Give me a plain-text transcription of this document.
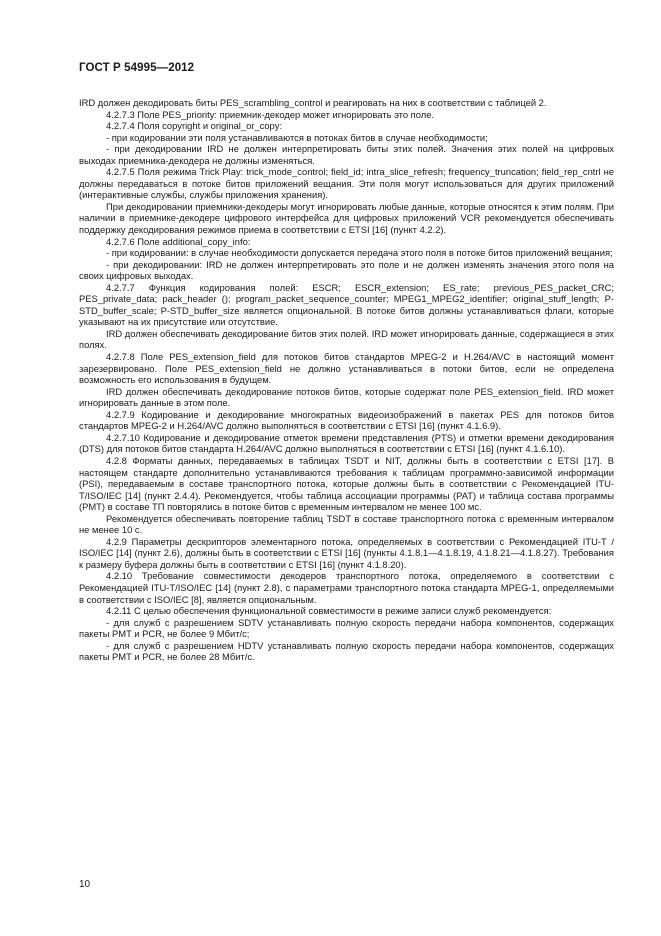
ГОСТ Р 54995—2012

IRD должен декодировать биты PES_scrambling_control и реагировать на них в соответствии с таблицей 2.

4.2.7.3 Поле PES_priority: приемник-декодер может игнорировать это поле.

4.2.7.4 Поля copyright и original_or_copy:

- при кодировании эти поля устанавливаются в потоках битов в случае необходимости;

- при декодировании IRD не должен интерпретировать биты этих полей. Значения этих полей на цифровых выходах приемника-декодера не должны изменяться.

4.2.7.5 Поля режима Trick Play: trick_mode_control; field_id; intra_slice_refresh; frequency_truncation; field_rep_cntrl не должны передаваться в потоке битов приложений вещания. Эти поля могут использоваться для других приложений (интерактивные службы, службы приложения хранения).

При декодировании приемники-декодеры могут игнорировать любые данные, которые относятся к этим полям. При наличии в приемнике-декодере цифрового интерфейса для цифровых приложений VCR рекомендуется обеспечивать поддержку декодирования режимов приема в соответствии с ETSI [16] (пункт 4.2.2).

4.2.7.6 Поле additional_copy_info:

- при кодировании: в случае необходимости допускается передача этого поля в потоке битов приложений вещания;

- при декодировании: IRD не должен интерпретировать это поле и не должен изменять значения этого поля на своих цифровых выходах.

4.2.7.7 Функция кодирования полей: ESCR; ESCR_extension; ES_rate; previous_PES_packet_CRC; PES_private_data; pack_header (); program_packet_sequence_counter; MPEG1_MPEG2_identifier; original_stuff_length; P-STD_buffer_scale; P-STD_buffer_size является опциональной. В потоке битов должны устанавливаться флаги, которые указывают на их присутствие или отсутствие.

IRD должен обеспечивать декодирование битов этих полей. IRD может игнорировать данные, содержащиеся в этих полях.

4.2.7.8 Поле PES_extension_field для потоков битов стандартов MPEG-2 и H.264/AVC в настоящий момент зарезервировано. Поле PES_extension_field не должно устанавливаться в потоки битов, если не определена возможность его использования в будущем.

IRD должен обеспечивать декодирование потоков битов, которые содержат поле PES_extension_field. IRD может игнорировать данные в этом поле.

4.2.7.9 Кодирование и декодирование многократных видеоизображений в пакетах PES для потоков битов стандартов MPEG-2 и H.264/AVC должно выполняться в соответствии с ETSI [16] (пункт 4.1.6.9).

4.2.7.10 Кодирование и декодирование отметок времени представления (PTS) и отметки времени декодирования (DTS) для потоков битов стандарта H.264/AVC должно выполняться в соответствии с ETSI [16] (пункт 4.1.6.10).

4.2.8 Форматы данных, передаваемых в таблицах TSDT и NIT, должны быть в соответствии с ETSI [17]. В настоящем стандарте дополнительно устанавливаются требования к таблицам программно-зависимой информации (PSI), передаваемым в составе транспортного потока, которые должны быть в соответствии с Рекомендацией ITU-T/ISO/IEC [14] (пункт 2.4.4). Рекомендуется, чтобы таблица ассоциации программы (PAT) и таблица состава программы (PMT) в составе ТП повторялись в потоке битов с временным интервалом не менее 100 мс.

Рекомендуется обеспечивать повторение таблиц TSDT в составе транспортного потока с временным интервалом не менее 10 с.

4.2.9 Параметры дескрипторов элементарного потока, определяемых в соответствии с Рекомендацией ITU-T / ISO/IEC [14] (пункт 2.6), должны быть в соответствии с ETSI [16] (пункты 4.1.8.1—4.1.8.19, 4.1.8.21—4.1.8.27). Требования к размеру буфера должны быть в соответствии с ETSI [16] (пункт 4.1.8.20).

4.2.10 Требование совместимости декодеров транспортного потока, определяемого в соответствии с Рекомендацией ITU-T/ISO/IEC [14] (пункт 2.8), с параметрами транспортного потока стандарта MPEG-1, определяемыми в соответствии с ISO/IEC [8], является опциональным.

4.2.11 С целью обеспечения функциональной совместимости в режиме записи служб рекомендуется:

- для служб с разрешением SDTV устанавливать полную скорость передачи набора компонентов, содержащих пакеты PMT и PCR, не более 9 Мбит/с;

- для служб с разрешением HDTV устанавливать полную скорость передачи набора компонентов, содержащих пакеты PMT и PCR, не более 28 Мбит/с.

10
